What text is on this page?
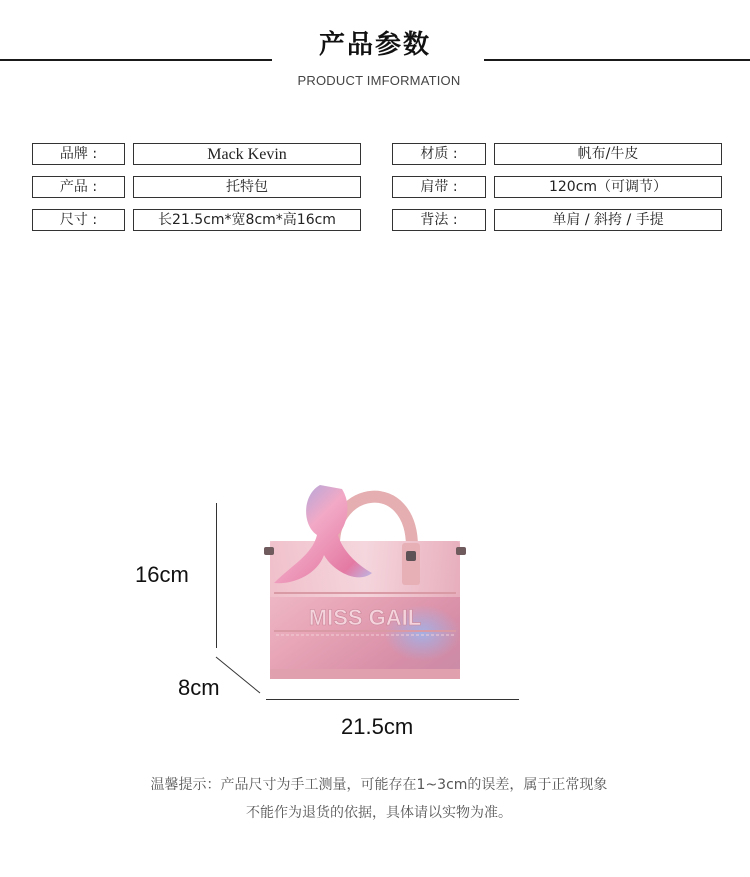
产品参数
PRODUCT IMFORMATION
品牌 :	Mack Kevin	材质 :	帆布/牛皮
产品 :	托特包	肩带 :	120cm（可调节）
尺寸 :	长21.5cm*宽8cm*高16cm	背法 :	单肩 / 斜挎 / 手提
MISS GAIL
16cm
8cm
21.5cm
温馨提示：产品尺寸为手工测量，可能存在1~3cm的误差，属于正常现象
不能作为退货的依据，具体请以实物为准。
